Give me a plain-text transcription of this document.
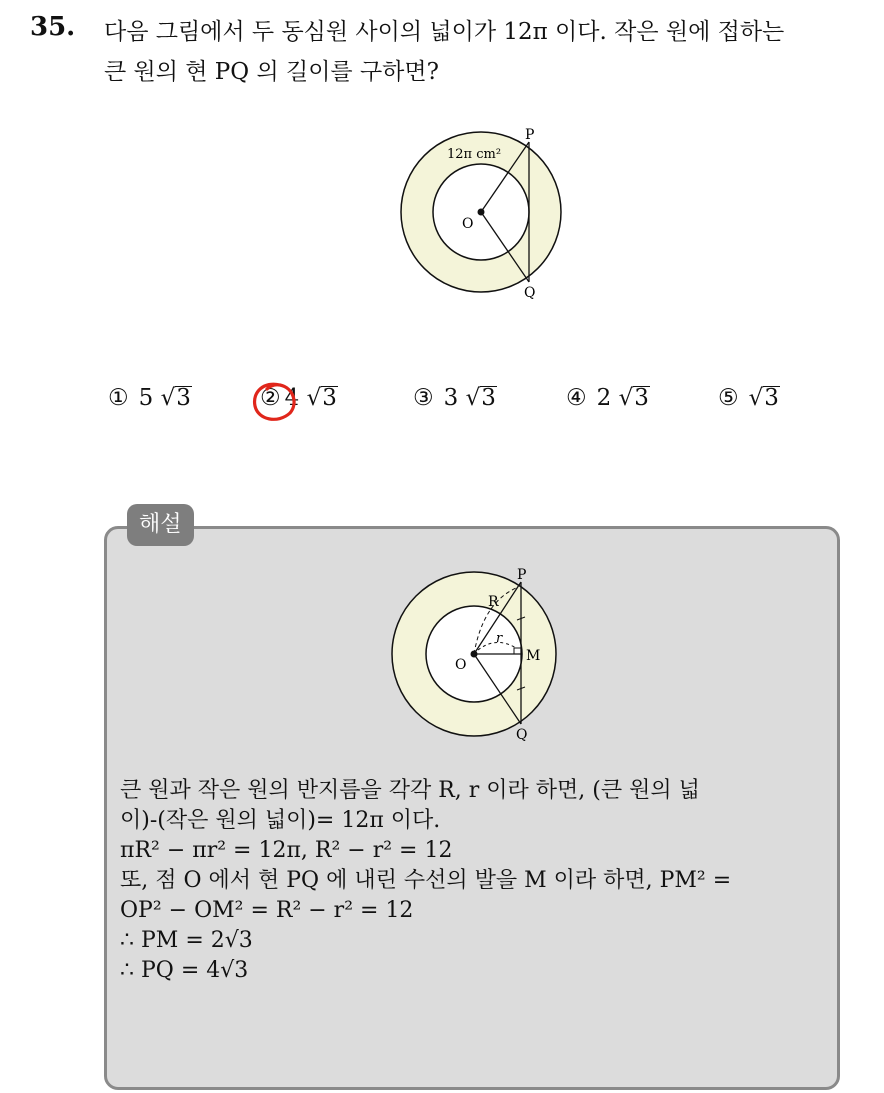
35. 다음 그림에서 두 동심원 사이의 넓이가 12π 이다. 작은 원에 접하는
큰 원의 현 PQ 의 길이를 구하면?
12π cm²
P
Q
O
① 5 √3	② 4 √3	③ 3 √3	④ 2 √3	⑤ √3
해설
P
Q
O
M
R
r
큰 원과 작은 원의 반지름을 각각 R, r 이라 하면, (큰 원의 넓
이)-(작은 원의 넓이)= 12π 이다.
πR² − πr² = 12π, R² − r² = 12
또, 점 O 에서 현 PQ 에 내린 수선의 발을 M 이라 하면, PM² =
OP² − OM² = R² − r² = 12
∴ PM = 2√3
∴ PQ = 4√3
